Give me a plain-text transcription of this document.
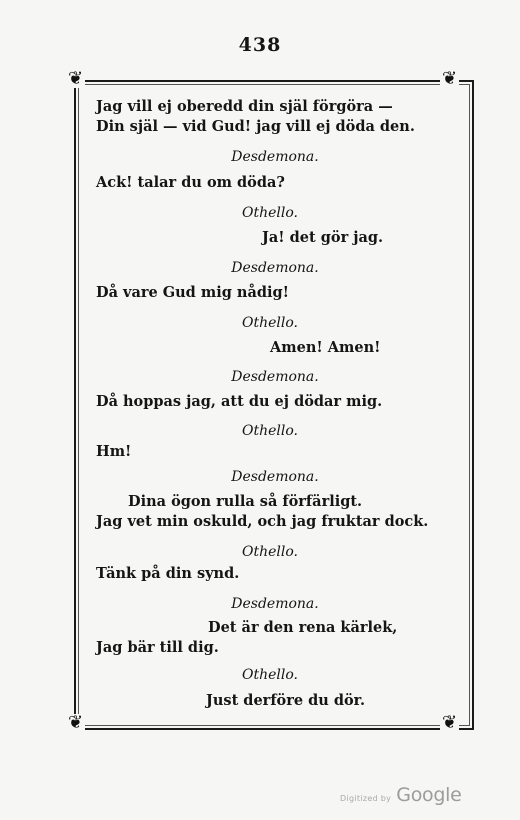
438
❦	❦
❦	❦
Jag vill ej oberedd din själ förgöra —
Din själ — vid Gud! jag vill ej döda den.
Desdemona.
Ack! talar du om döda?
Othello.
Ja! det gör jag.
Desdemona.
Då vare Gud mig nådig!
Othello.
Amen! Amen!
Desdemona.
Då hoppas jag, att du ej dödar mig.
Othello.
Hm!
Desdemona.
Dina ögon rulla så förfärligt.
Jag vet min oskuld, och jag fruktar dock.
Othello.
Tänk på din synd.
Desdemona.
Det är den rena kärlek,
Jag bär till dig.
Othello.
Just derföre du dör.
Digitized by Google
